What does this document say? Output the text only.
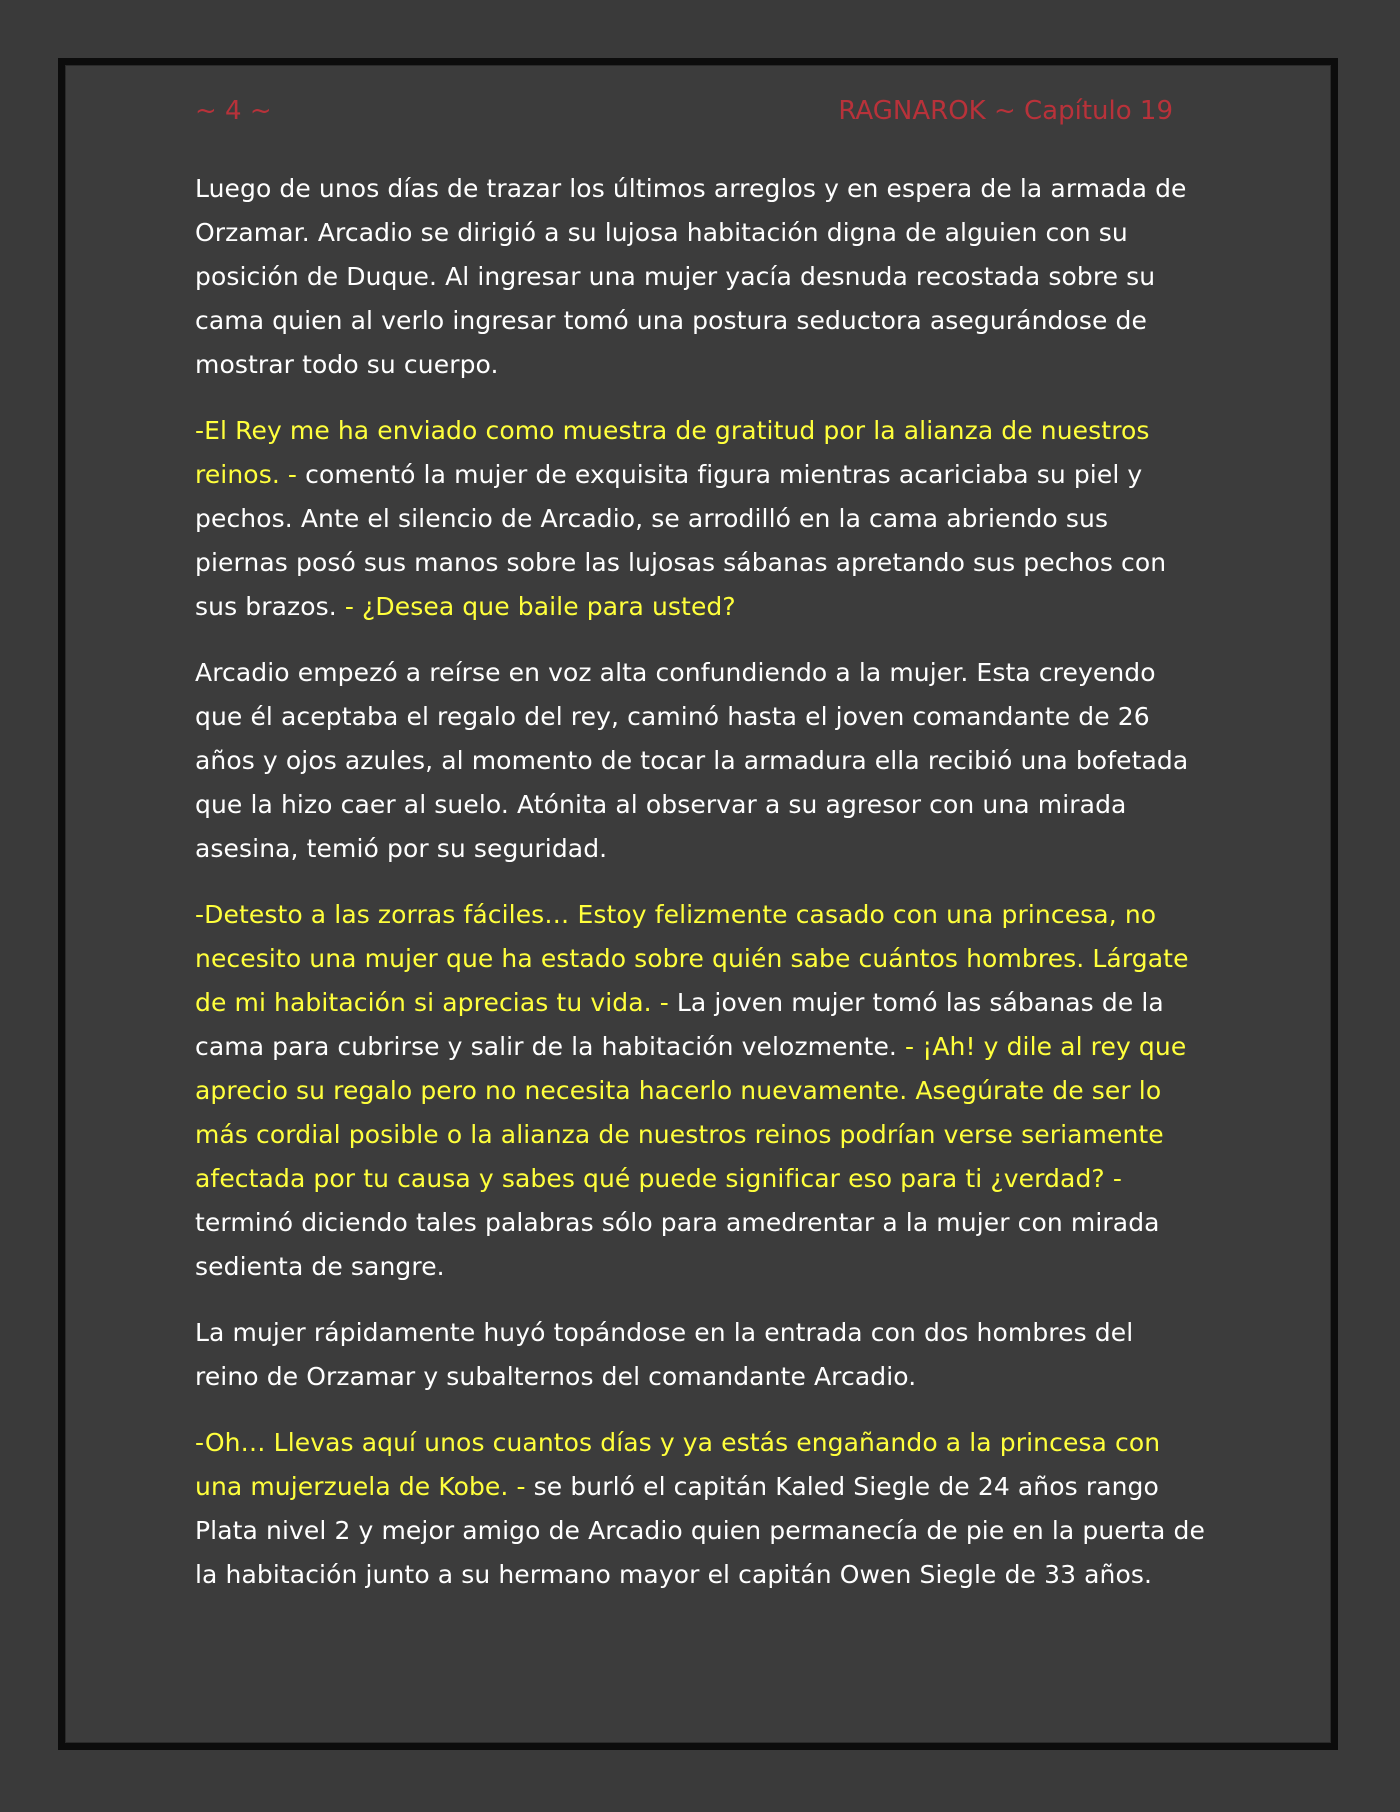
~ 4 ~	RAGNAROK ~ Capítulo 19

Luego de unos días de trazar los últimos arreglos y en espera de la armada de Orzamar. Arcadio se dirigió a su lujosa habitación digna de alguien con su posición de Duque. Al ingresar una mujer yacía desnuda recostada sobre su cama quien al verlo ingresar tomó una postura seductora asegurándose de mostrar todo su cuerpo.

-El Rey me ha enviado como muestra de gratitud por la alianza de nuestros reinos. - comentó la mujer de exquisita figura mientras acariciaba su piel y pechos. Ante el silencio de Arcadio, se arrodilló en la cama abriendo sus piernas posó sus manos sobre las lujosas sábanas apretando sus pechos con sus brazos. - ¿Desea que baile para usted?

Arcadio empezó a reírse en voz alta confundiendo a la mujer. Esta creyendo que él aceptaba el regalo del rey, caminó hasta el joven comandante de 26 años y ojos azules, al momento de tocar la armadura ella recibió una bofetada que la hizo caer al suelo. Atónita al observar a su agresor con una mirada asesina, temió por su seguridad.

-Detesto a las zorras fáciles… Estoy felizmente casado con una princesa, no necesito una mujer que ha estado sobre quién sabe cuántos hombres. Lárgate de mi habitación si aprecias tu vida. - La joven mujer tomó las sábanas de la cama para cubrirse y salir de la habitación velozmente. - ¡Ah! y dile al rey que aprecio su regalo pero no necesita hacerlo nuevamente. Asegúrate de ser lo más cordial posible o la alianza de nuestros reinos podrían verse seriamente afectada por tu causa y sabes qué puede significar eso para ti ¿verdad? - terminó diciendo tales palabras sólo para amedrentar a la mujer con mirada sedienta de sangre.

La mujer rápidamente huyó topándose en la entrada con dos hombres del reino de Orzamar y subalternos del comandante Arcadio.

-Oh… Llevas aquí unos cuantos días y ya estás engañando a la princesa con una mujerzuela de Kobe. - se burló el capitán Kaled Siegle de 24 años rango Plata nivel 2 y mejor amigo de Arcadio quien permanecía de pie en la puerta de la habitación junto a su hermano mayor el capitán Owen Siegle de 33 años.
